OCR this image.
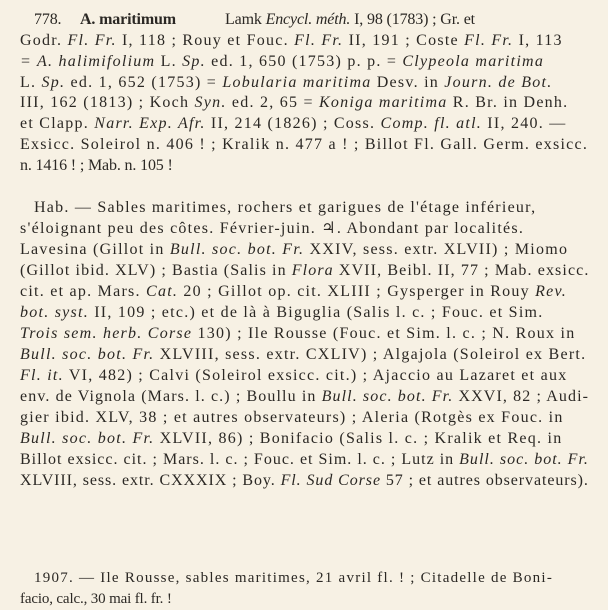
778. A. maritimum	Lamk Encycl. méth. I, 98 (1783) ; Gr. et
Godr. Fl. Fr. I, 118 ; Rouy et Fouc. Fl. Fr. II, 191 ; Coste Fl. Fr. I, 113
= A. halimifolium L. Sp. ed. 1, 650 (1753) p. p. = Clypeola maritima
L. Sp. ed. 1, 652 (1753) = Lobularia maritima Desv. in Journ. de Bot.
III, 162 (1813) ; Koch Syn. ed. 2, 65 = Koniga maritima R. Br. in Denh.
et Clapp. Narr. Exp. Afr. II, 214 (1826) ; Coss. Comp. fl. atl. II, 240. —
Exsicc. Soleirol n. 406 ! ; Kralik n. 477 a ! ; Billot Fl. Gall. Germ. exsicc.
n. 1416 ! ; Mab. n. 105 !
Hab. — Sables maritimes, rochers et garigues de l'étage inférieur,
s'éloignant peu des côtes. Février-juin. ♃. Abondant par localités.
Lavesina (Gillot in Bull. soc. bot. Fr. XXIV, sess. extr. XLVII) ; Miomo
(Gillot ibid. XLV) ; Bastia (Salis in Flora XVII, Beibl. II, 77 ; Mab. exsicc.
cit. et ap. Mars. Cat. 20 ; Gillot op. cit. XLIII ; Gysperger in Rouy Rev.
bot. syst. II, 109 ; etc.) et de là à Biguglia (Salis l. c. ; Fouc. et Sim.
Trois sem. herb. Corse 130) ; Ile Rousse (Fouc. et Sim. l. c. ; N. Roux in
Bull. soc. bot. Fr. XLVIII, sess. extr. CXLIV) ; Algajola (Soleirol ex Bert.
Fl. it. VI, 482) ; Calvi (Soleirol exsicc. cit.) ; Ajaccio au Lazaret et aux
env. de Vignola (Mars. l. c.) ; Boullu in Bull. soc. bot. Fr. XXVI, 82 ; Audi-
gier ibid. XLV, 38 ; et autres observateurs) ; Aleria (Rotgès ex Fouc. in
Bull. soc. bot. Fr. XLVII, 86) ; Bonifacio (Salis l. c. ; Kralik et Req. in
Billot exsicc. cit. ; Mars. l. c. ; Fouc. et Sim. l. c. ; Lutz in Bull. soc. bot. Fr.
XLVIII, sess. extr. CXXXIX ; Boy. Fl. Sud Corse 57 ; et autres observateurs).
1907. — Ile Rousse, sables maritimes, 21 avril fl. ! ; Citadelle de Boni-
facio, calc., 30 mai fl. fr. !
